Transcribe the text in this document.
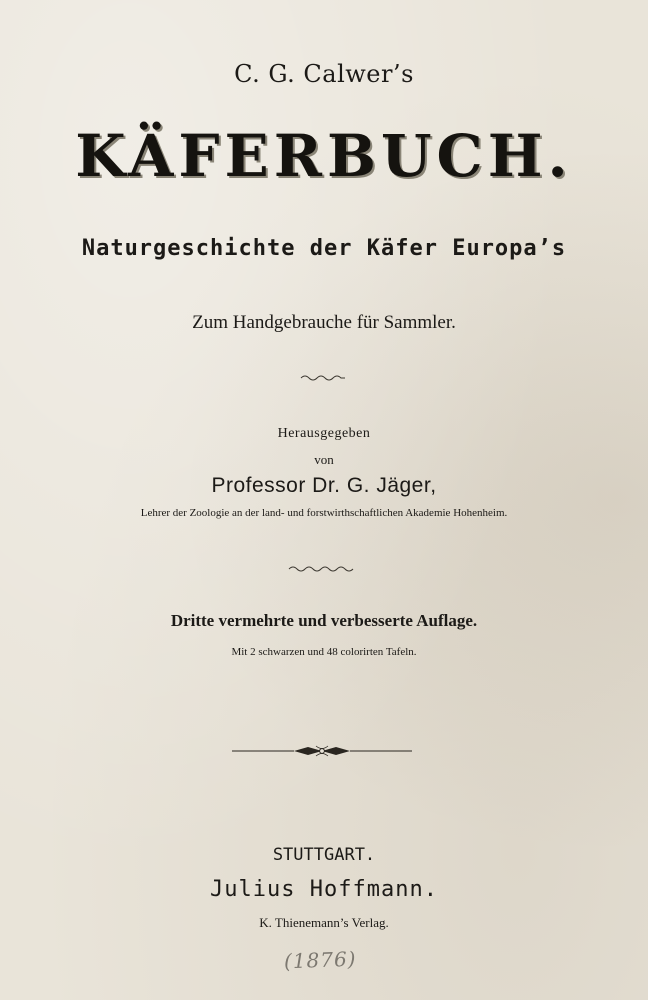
C. G. Calwer’s
KÄFERBUCH.
Naturgeschichte der Käfer Europa’s
Zum Handgebrauche für Sammler.
Herausgegeben
von
Professor Dr. G. Jäger,
Lehrer der Zoologie an der land- und forstwirthschaftlichen Akademie Hohenheim.
Dritte vermehrte und verbesserte Auflage.
Mit 2 schwarzen und 48 colorirten Tafeln.
STUTTGART.
Julius Hoffmann.
K. Thienemann’s Verlag.
(1876)
